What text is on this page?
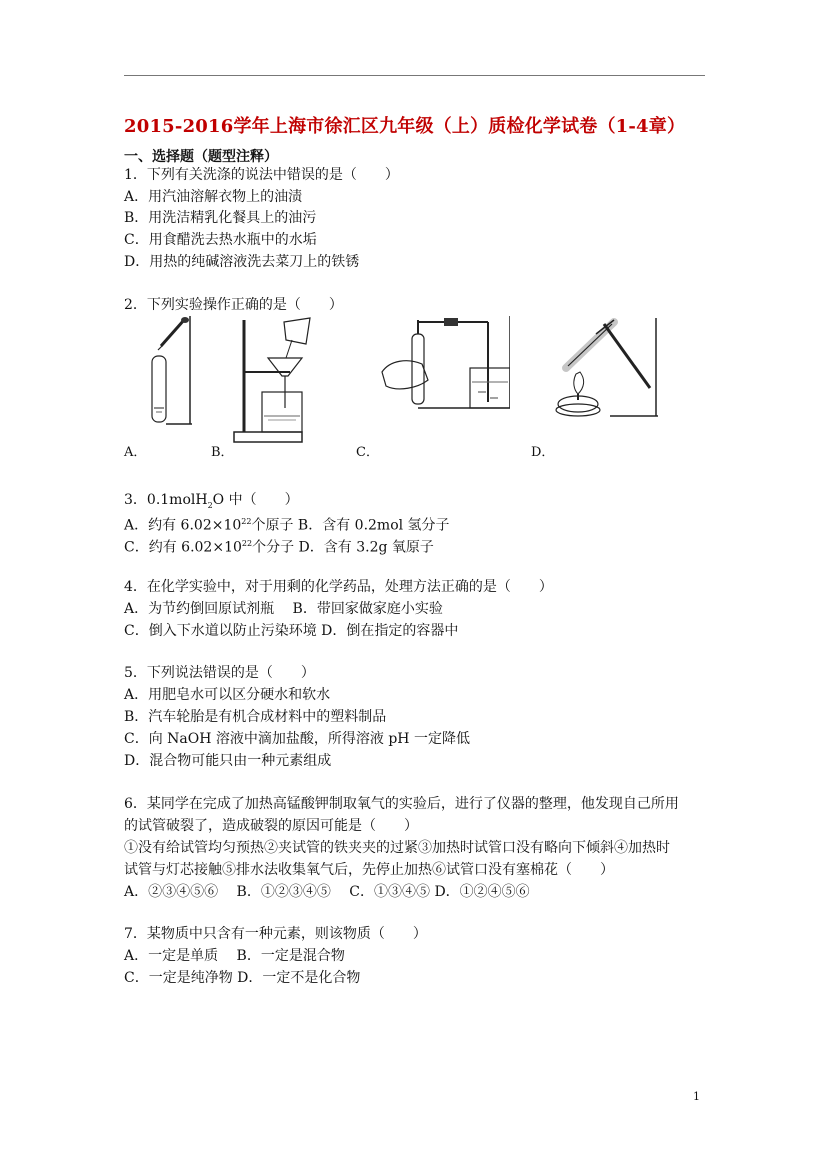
2015-2016学年上海市徐汇区九年级（上）质检化学试卷（1-4章）
一、选择题（题型注释）
1．下列有关洗涤的说法中错误的是（　　）
A．用汽油溶解衣物上的油渍
B．用洗洁精乳化餐具上的油污
C．用食醋洗去热水瓶中的水垢
D．用热的纯碱溶液洗去菜刀上的铁锈
2．下列实验操作正确的是（　　）
A．	B．	C．	D．
3．0.1molH$_2$O 中（　　）
A．约有 $6.02\times 10^{22}$个原子 B．含有 0.2mol 氢分子
C．约有 $6.02\times 10^{22}$个分子 D．含有 3.2g 氧原子
4．在化学实验中，对于用剩的化学药品，处理方法正确的是（　　）
A．为节约倒回原试剂瓶　 B．带回家做家庭小实验
C．倒入下水道以防止污染环境 D．倒在指定的容器中
5．下列说法错误的是（　　）
A．用肥皂水可以区分硬水和软水
B．汽车轮胎是有机合成材料中的塑料制品
C．向 NaOH 溶液中滴加盐酸，所得溶液 pH 一定降低
D．混合物可能只由一种元素组成
6．某同学在完成了加热高锰酸钾制取氧气的实验后，进行了仪器的整理，他发现自己所用
的试管破裂了，造成破裂的原因可能是（　　）
①没有给试管均匀预热②夹试管的铁夹夹的过紧③加热时试管口没有略向下倾斜④加热时
试管与灯芯接触⑤排水法收集氧气后，先停止加热⑥试管口没有塞棉花（　　）
A．②③④⑤⑥　 B．①②③④⑤　 C．①③④⑤ D．①②④⑤⑥
7．某物质中只含有一种元素，则该物质（　　）
A．一定是单质　 B．一定是混合物
C．一定是纯净物 D．一定不是化合物
1
